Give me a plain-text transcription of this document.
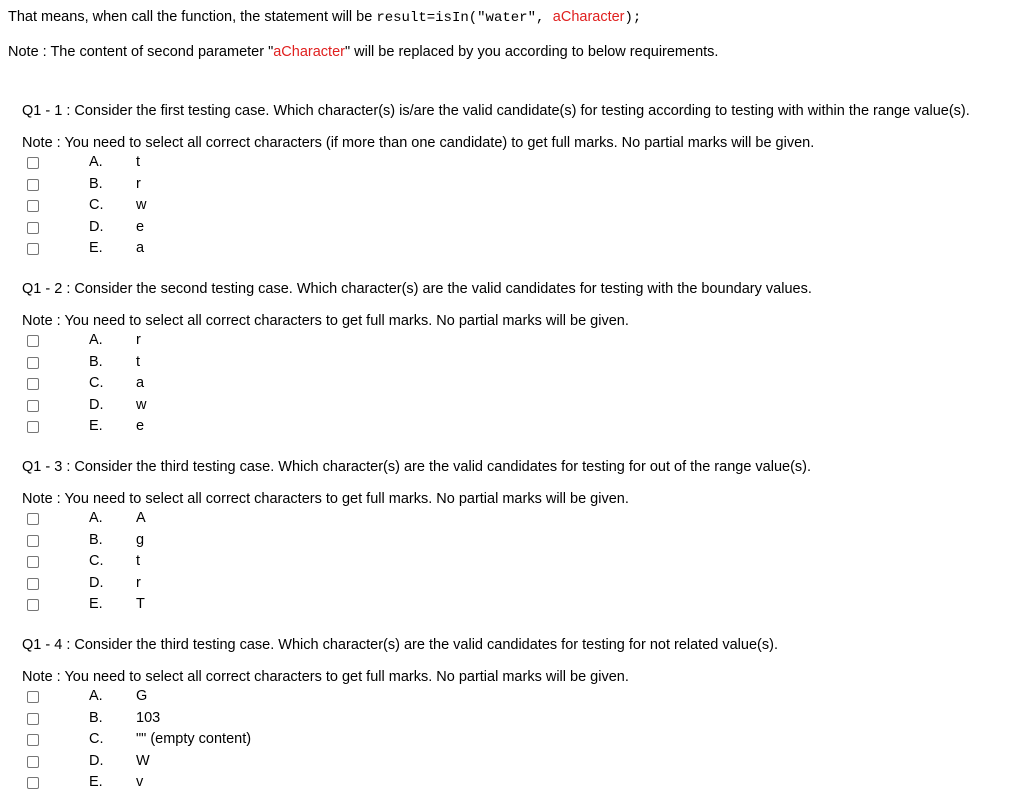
That means, when call the function, the statement will be result=isIn("water", aCharacter);
Note : The content of second parameter "aCharacter" will be replaced by you according to below requirements.
Q1 - 1 : Consider the first testing case. Which character(s) is/are the valid candidate(s) for testing according to testing with within the range value(s).
Note : You need to select all correct characters (if more than one candidate) to get full marks. No partial marks will be given.
A. t
B. r
C. w
D. e
E. a
Q1 - 2 : Consider the second testing case. Which character(s) are the valid candidates for testing with the boundary values.
Note : You need to select all correct characters to get full marks. No partial marks will be given.
A. r
B. t
C. a
D. w
E. e
Q1 - 3 : Consider the third testing case. Which character(s) are the valid candidates for testing for out of the range value(s).
Note : You need to select all correct characters to get full marks. No partial marks will be given.
A. A
B. g
C. t
D. r
E. T
Q1 - 4 : Consider the third testing case. Which character(s) are the valid candidates for testing for not related value(s).
Note : You need to select all correct characters to get full marks. No partial marks will be given.
A. G
B. 103
C. "" (empty content)
D. W
E. v
